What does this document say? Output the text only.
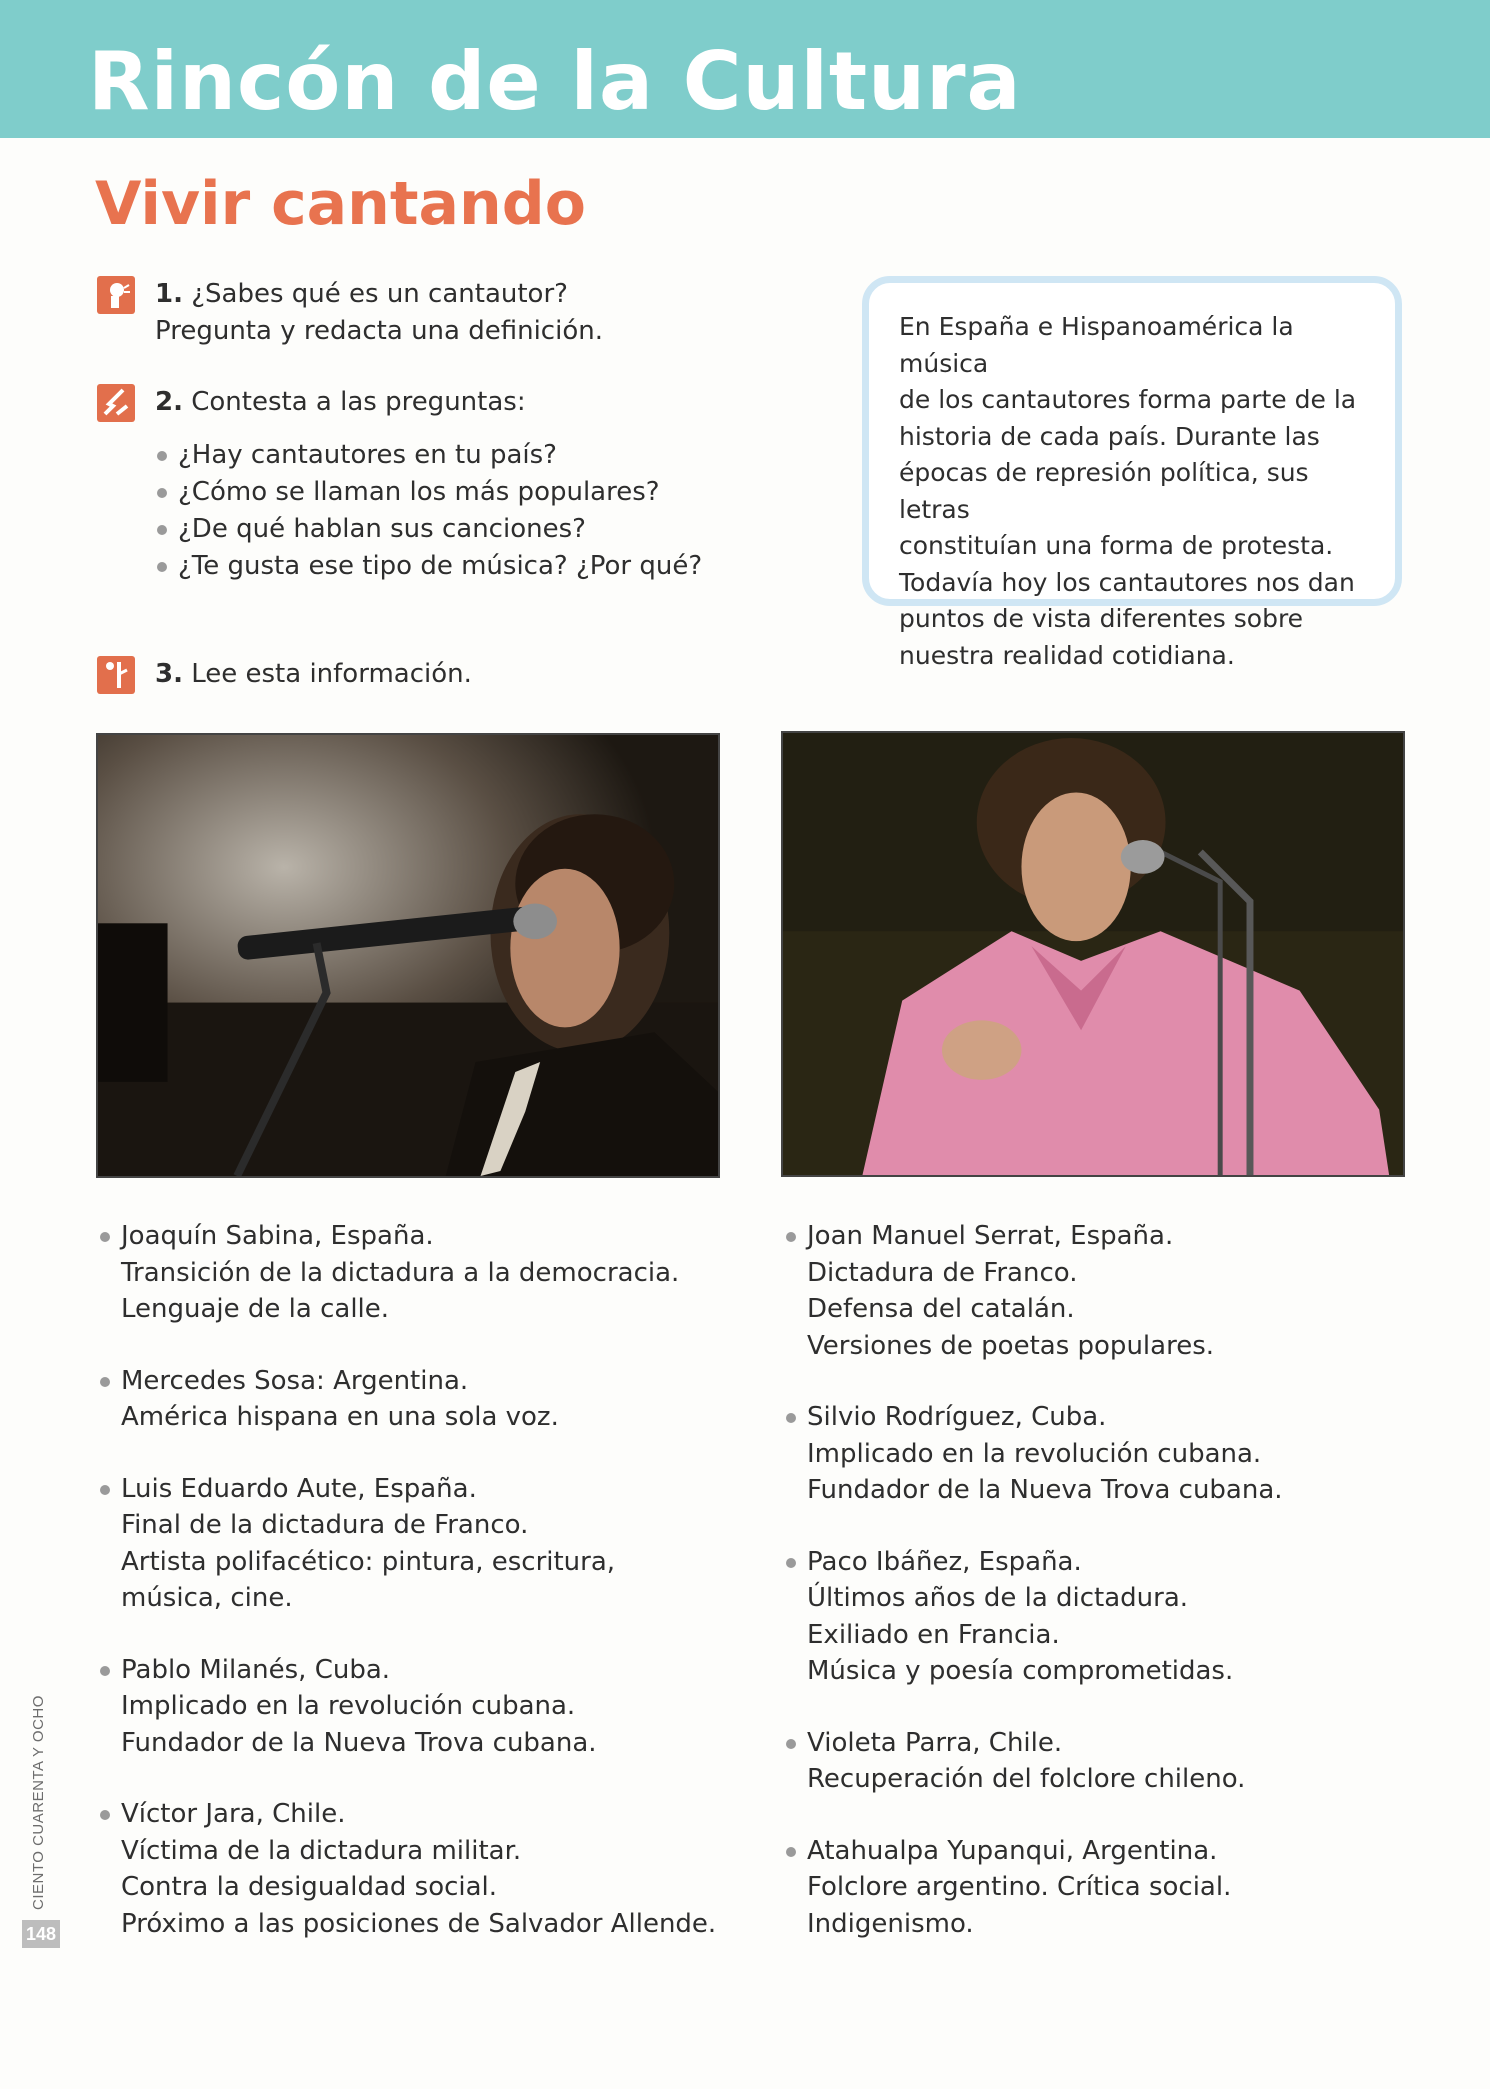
Rincón de la Cultura
Vivir cantando
1. ¿Sabes qué es un cantautor?
Pregunta y redacta una definición.
2. Contesta a las preguntas:
¿Hay cantautores en tu país?
¿Cómo se llaman los más populares?
¿De qué hablan sus canciones?
¿Te gusta ese tipo de música? ¿Por qué?

En España e Hispanoamérica la música
de los cantautores forma parte de la
historia de cada país. Durante las
épocas de represión política, sus letras
constituían una forma de protesta.
Todavía hoy los cantautores nos dan
puntos de vista diferentes sobre
nuestra realidad cotidiana.

3. Lee esta información.
Joaquín Sabina, España.
Transición de la dictadura a la democracia.
Lenguaje de la calle.
Mercedes Sosa: Argentina.
América hispana en una sola voz.
Luis Eduardo Aute, España.
Final de la dictadura de Franco.
Artista polifacético: pintura, escritura,
música, cine.
Pablo Milanés, Cuba.
Implicado en la revolución cubana.
Fundador de la Nueva Trova cubana.
Víctor Jara, Chile.
Víctima de la dictadura militar.
Contra la desigualdad social.
Próximo a las posiciones de Salvador Allende.
Joan Manuel Serrat, España.
Dictadura de Franco.
Defensa del catalán.
Versiones de poetas populares.
Silvio Rodríguez, Cuba.
Implicado en la revolución cubana.
Fundador de la Nueva Trova cubana.
Paco Ibáñez, España.
Últimos años de la dictadura.
Exiliado en Francia.
Música y poesía comprometidas.
Violeta Parra, Chile.
Recuperación del folclore chileno.
Atahualpa Yupanqui, Argentina.
Folclore argentino. Crítica social.
Indigenismo.
CIENTO CUARENTA Y OCHO
148
